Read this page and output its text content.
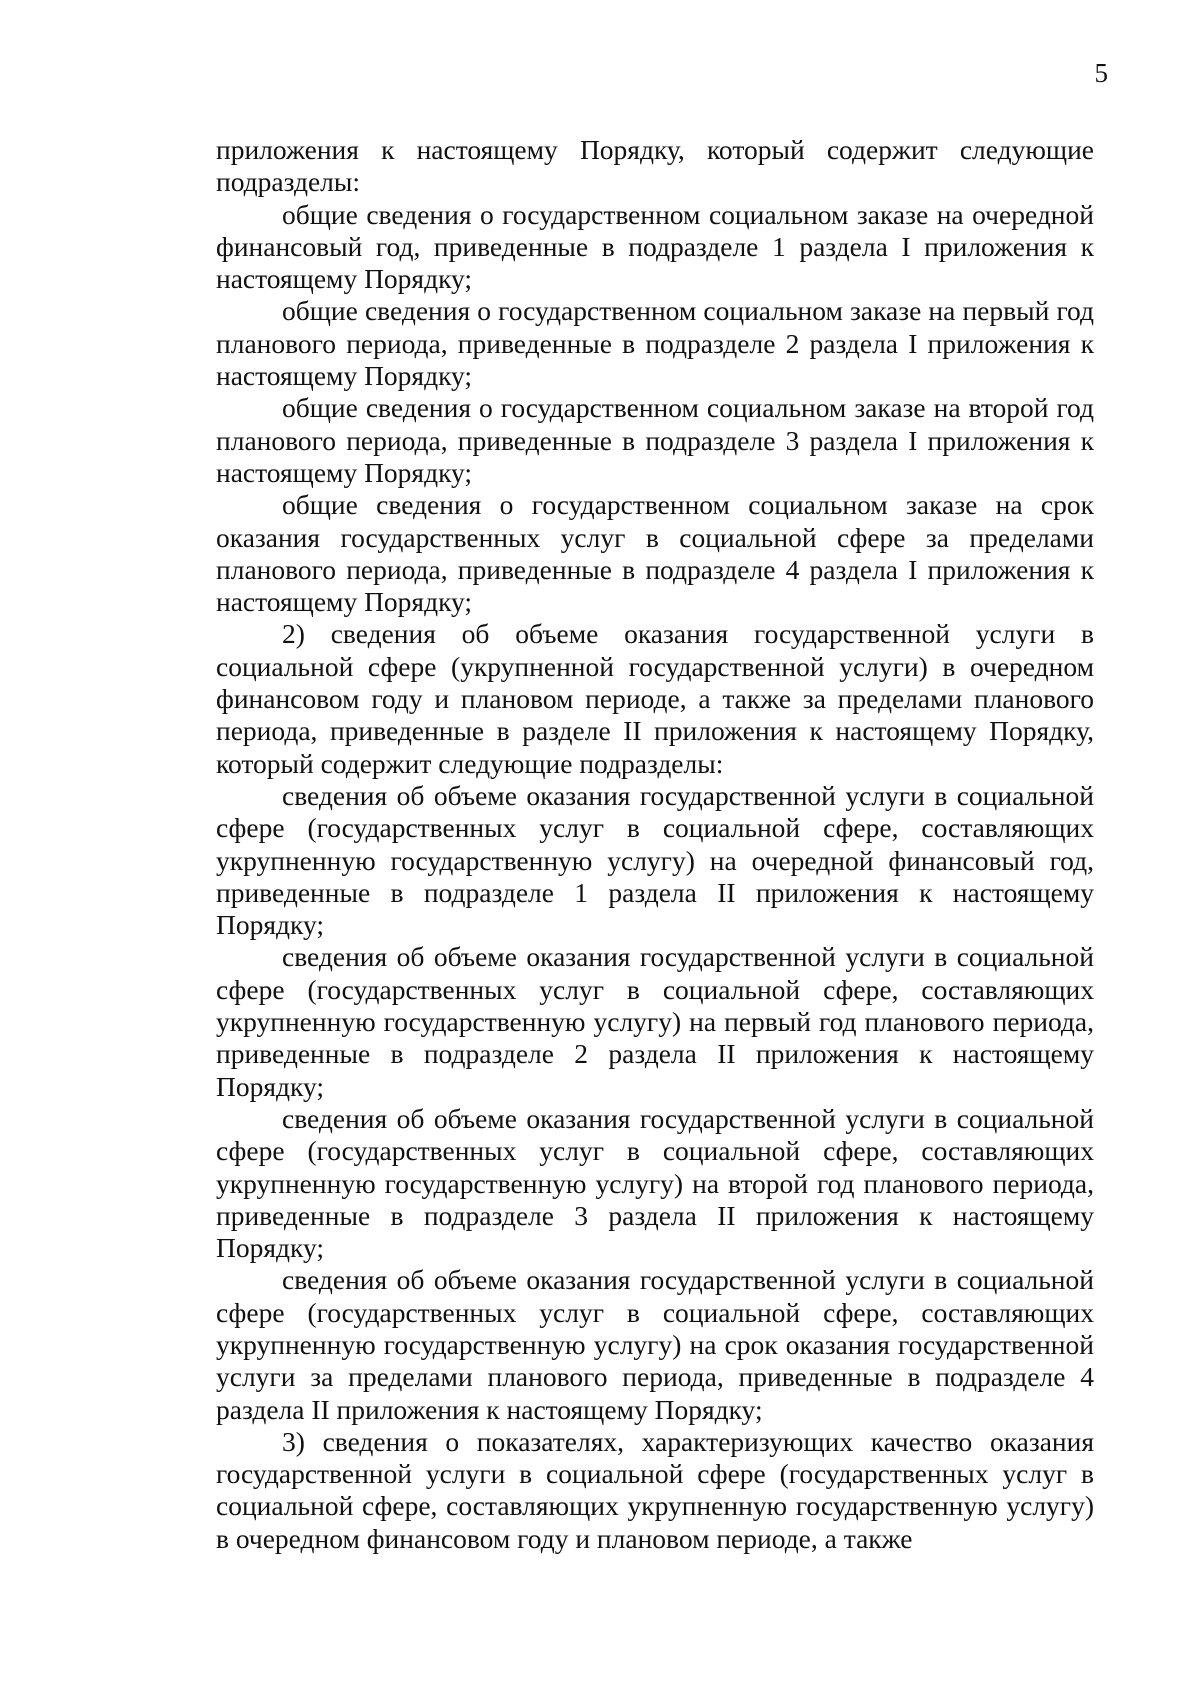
5

приложения к настоящему Порядку, который содержит следующие подразделы:

общие сведения о государственном социальном заказе на очередной финансовый год, приведенные в подразделе 1 раздела I приложения к настоящему Порядку;

общие сведения о государственном социальном заказе на первый год планового периода, приведенные в подразделе 2 раздела I приложения к настоящему Порядку;

общие сведения о государственном социальном заказе на второй год планового периода, приведенные в подразделе 3 раздела I приложения к настоящему Порядку;

общие сведения о государственном социальном заказе на срок оказания государственных услуг в социальной сфере за пределами планового периода, приведенные в подразделе 4 раздела I приложения к настоящему Порядку;

2) сведения об объеме оказания государственной услуги в социальной сфере (укрупненной государственной услуги) в очередном финансовом году и плановом периоде, а также за пределами планового периода, приведенные в разделе II приложения к настоящему Порядку, который содержит следующие подразделы:

сведения об объеме оказания государственной услуги в социальной сфере (государственных услуг в социальной сфере, составляющих укрупненную государственную услугу) на очередной финансовый год, приведенные в подразделе 1 раздела II приложения к настоящему Порядку;

сведения об объеме оказания государственной услуги в социальной сфере (государственных услуг в социальной сфере, составляющих укрупненную государственную услугу) на первый год планового периода, приведенные в подразделе 2 раздела II приложения к настоящему Порядку;

сведения об объеме оказания государственной услуги в социальной сфере (государственных услуг в социальной сфере, составляющих укрупненную государственную услугу) на второй год планового периода, приведенные в подразделе 3 раздела II приложения к настоящему Порядку;

сведения об объеме оказания государственной услуги в социальной сфере (государственных услуг в социальной сфере, составляющих укрупненную государственную услугу) на срок оказания государственной услуги за пределами планового периода, приведенные в подразделе 4 раздела II приложения к настоящему Порядку;

3) сведения о показателях, характеризующих качество оказания государственной услуги в социальной сфере (государственных услуг в социальной сфере, составляющих укрупненную государственную услугу) в очередном финансовом году и плановом периоде, а также
